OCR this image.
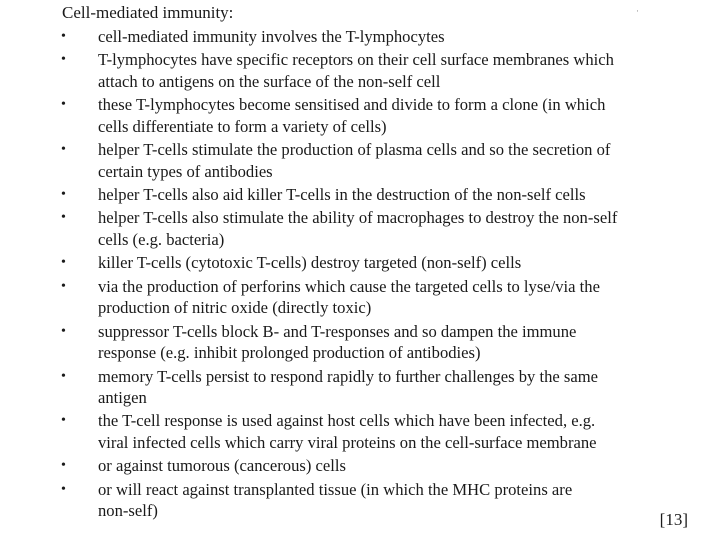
·
Cell-mediated immunity:
•	cell-mediated immunity involves the T-lymphocytes
•	T-lymphocytes have specific receptors on their cell surface membranes which
attach to antigens on the surface of the non-self cell
•	these T-lymphocytes become sensitised and divide to form a clone (in which
cells differentiate to form a variety of cells)
•	helper T-cells stimulate the production of plasma cells and so the secretion of
certain types of antibodies
•	helper T-cells also aid killer T-cells in the destruction of the non-self cells
•	helper T-cells also stimulate the ability of macrophages to destroy the non-self
cells (e.g. bacteria)
•	killer T-cells (cytotoxic T-cells) destroy targeted (non-self) cells
•	via the production of perforins which cause the targeted cells to lyse/via the
production of nitric oxide (directly toxic)
•	suppressor T-cells block B- and T-responses and so dampen the immune
response (e.g. inhibit prolonged production of antibodies)
•	memory T-cells persist to respond rapidly to further challenges by the same
antigen
•	the T-cell response is used against host cells which have been infected, e.g.
viral infected cells which carry viral proteins on the cell-surface membrane
•	or against tumorous (cancerous) cells
•	or will react against transplanted tissue (in which the MHC proteins are
non-self)	[13]
